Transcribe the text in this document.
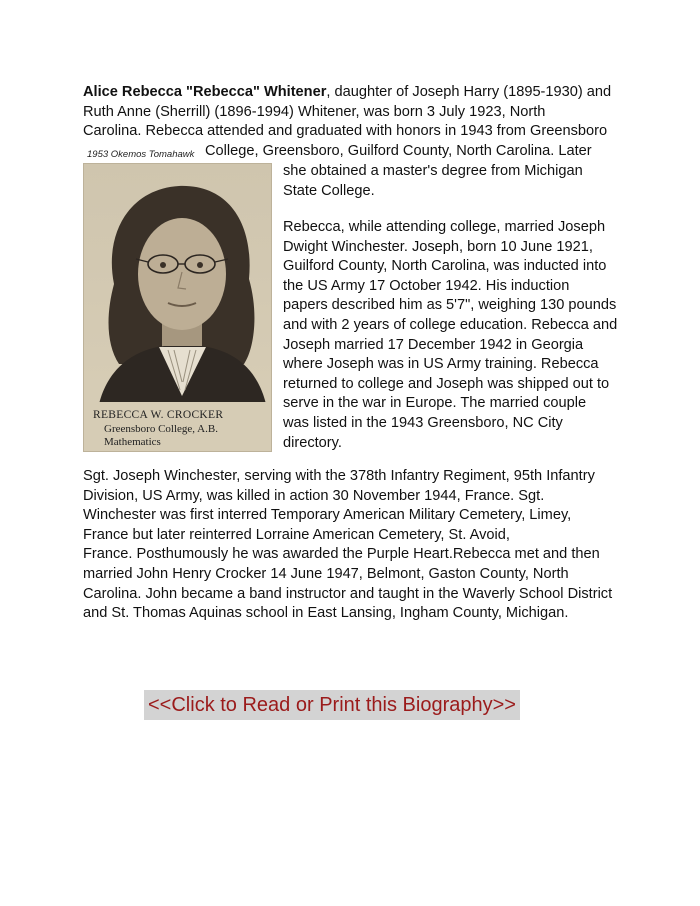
Alice Rebecca "Rebecca" Whitener, daughter of Joseph Harry (1895-1930) and
Ruth Anne (Sherrill) (1896-1994) Whitener, was born 3 July 1923, North
Carolina. Rebecca attended and graduated with honors in 1943 from Greensboro
1953 Okemos Tomahawk College, Greensboro, Guilford County, North Carolina. Later
she obtained a master's degree from Michigan
State College.
REBECCA W. CROCKER
Greensboro College, A.B.
Mathematics
Rebecca, while attending college, married Joseph
Dwight Winchester. Joseph, born 10 June 1921,
Guilford County, North Carolina, was inducted into
the US Army 17 October 1942. His induction
papers described him as 5'7", weighing 130 pounds
and with 2 years of college education. Rebecca and
Joseph married 17 December 1942 in Georgia
where Joseph was in US Army training. Rebecca
returned to college and Joseph was shipped out to
serve in the war in Europe. The married couple
was listed in the 1943 Greensboro, NC City
directory.
Sgt. Joseph Winchester, serving with the 378th Infantry Regiment, 95th Infantry
Division, US Army, was killed in action 30 November 1944, France. Sgt.
Winchester was first interred Temporary American Military Cemetery, Limey,
France but later reinterred Lorraine American Cemetery, St. Avoid,
France. Posthumously he was awarded the Purple Heart.Rebecca met and then
married John Henry Crocker 14 June 1947, Belmont, Gaston County, North
Carolina. John became a band instructor and taught in the Waverly School District
and St. Thomas Aquinas school in East Lansing, Ingham County, Michigan.
<<Click to Read or Print this Biography>>
